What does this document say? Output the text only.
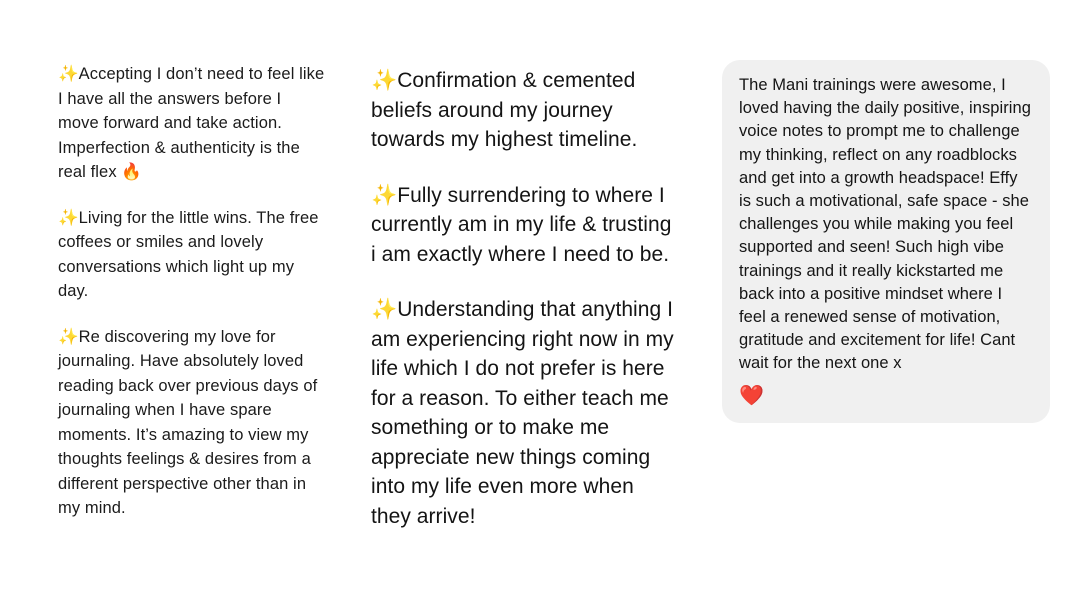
✨Accepting I don’t need to feel like I have all the answers before I move forward and take action. Imperfection & authenticity is the real flex 🔥

✨Living for the little wins. The free coffees or smiles and lovely conversations which light up my day.

✨Re discovering my love for journaling. Have absolutely loved reading back over previous days of journaling when I have spare moments. It’s amazing to view my thoughts feelings & desires from a different perspective other than in my mind.

✨Confirmation & cemented beliefs around my journey towards my highest timeline.

✨Fully surrendering to where I currently am in my life & trusting i am exactly where I need to be.

✨Understanding that anything I am experiencing right now in my life which I do not prefer is here for a reason. To either teach me something or to make me appreciate new things coming into my life even more when they arrive!

The Mani trainings were awesome, I loved having the daily positive, inspiring voice notes to prompt me to challenge my thinking, reflect on any roadblocks and get into a growth headspace! Effy is such a motivational, safe space - she challenges you while making you feel supported and seen! Such high vibe trainings and it really kickstarted me back into a positive mindset where I feel a renewed sense of motivation, gratitude and excitement for life! Cant wait for the next one x

❤️
